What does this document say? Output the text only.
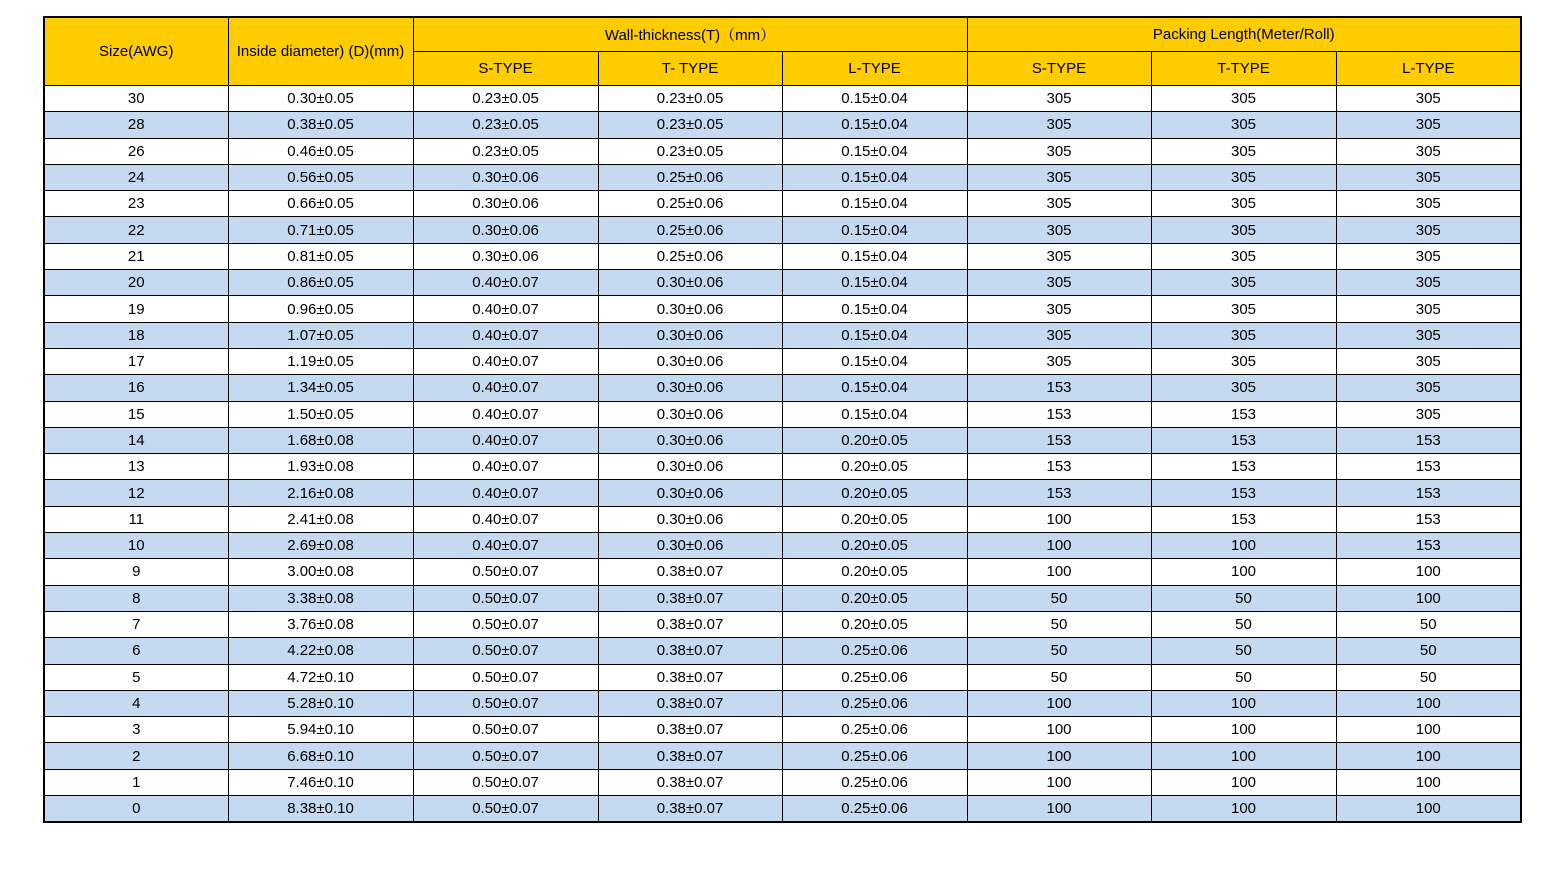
Size(AWG)	Inside diameter) (D)(mm)	Wall-thickness(T)（mm）			Packing Length(Meter/Roll)		
		S-TYPE	T- TYPE	L-TYPE	S-TYPE	T-TYPE	L-TYPE
30	0.30±0.05	0.23±0.05	0.23±0.05	0.15±0.04	305	305	305
28	0.38±0.05	0.23±0.05	0.23±0.05	0.15±0.04	305	305	305
26	0.46±0.05	0.23±0.05	0.23±0.05	0.15±0.04	305	305	305
24	0.56±0.05	0.30±0.06	0.25±0.06	0.15±0.04	305	305	305
23	0.66±0.05	0.30±0.06	0.25±0.06	0.15±0.04	305	305	305
22	0.71±0.05	0.30±0.06	0.25±0.06	0.15±0.04	305	305	305
21	0.81±0.05	0.30±0.06	0.25±0.06	0.15±0.04	305	305	305
20	0.86±0.05	0.40±0.07	0.30±0.06	0.15±0.04	305	305	305
19	0.96±0.05	0.40±0.07	0.30±0.06	0.15±0.04	305	305	305
18	1.07±0.05	0.40±0.07	0.30±0.06	0.15±0.04	305	305	305
17	1.19±0.05	0.40±0.07	0.30±0.06	0.15±0.04	305	305	305
16	1.34±0.05	0.40±0.07	0.30±0.06	0.15±0.04	153	305	305
15	1.50±0.05	0.40±0.07	0.30±0.06	0.15±0.04	153	153	305
14	1.68±0.08	0.40±0.07	0.30±0.06	0.20±0.05	153	153	153
13	1.93±0.08	0.40±0.07	0.30±0.06	0.20±0.05	153	153	153
12	2.16±0.08	0.40±0.07	0.30±0.06	0.20±0.05	153	153	153
11	2.41±0.08	0.40±0.07	0.30±0.06	0.20±0.05	100	153	153
10	2.69±0.08	0.40±0.07	0.30±0.06	0.20±0.05	100	100	153
9	3.00±0.08	0.50±0.07	0.38±0.07	0.20±0.05	100	100	100
8	3.38±0.08	0.50±0.07	0.38±0.07	0.20±0.05	50	50	100
7	3.76±0.08	0.50±0.07	0.38±0.07	0.20±0.05	50	50	50
6	4.22±0.08	0.50±0.07	0.38±0.07	0.25±0.06	50	50	50
5	4.72±0.10	0.50±0.07	0.38±0.07	0.25±0.06	50	50	50
4	5.28±0.10	0.50±0.07	0.38±0.07	0.25±0.06	100	100	100
3	5.94±0.10	0.50±0.07	0.38±0.07	0.25±0.06	100	100	100
2	6.68±0.10	0.50±0.07	0.38±0.07	0.25±0.06	100	100	100
1	7.46±0.10	0.50±0.07	0.38±0.07	0.25±0.06	100	100	100
0	8.38±0.10	0.50±0.07	0.38±0.07	0.25±0.06	100	100	100
